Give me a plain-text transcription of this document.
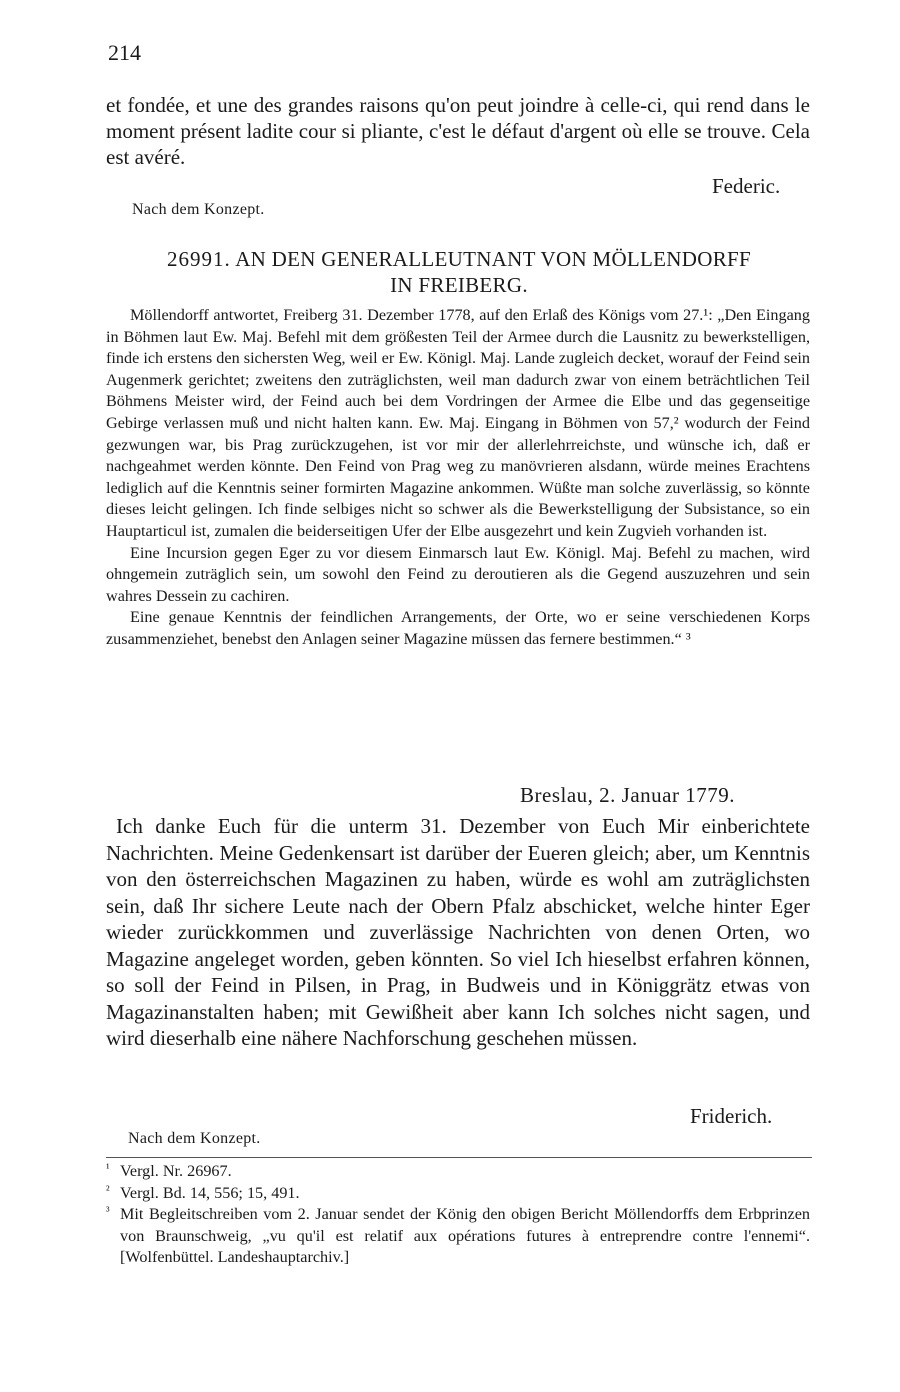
214

et fondée, et une des grandes raisons qu'on peut joindre à celle-ci, qui rend dans le moment présent ladite cour si pliante, c'est le défaut d'argent où elle se trouve. Cela est avéré.

Federic.
Nach dem Konzept.
26991. AN DEN GENERALLEUTNANT VON MÖLLENDORFF
IN FREIBERG.

Möllendorff antwortet, Freiberg 31. Dezember 1778, auf den Erlaß des Königs vom 27.¹: „Den Eingang in Böhmen laut Ew. Maj. Befehl mit dem größesten Teil der Armee durch die Lausnitz zu bewerkstelligen, finde ich erstens den sichersten Weg, weil er Ew. Königl. Maj. Lande zugleich decket, worauf der Feind sein Augenmerk gerichtet; zweitens den zuträglichsten, weil man dadurch zwar von einem beträchtlichen Teil Böhmens Meister wird, der Feind auch bei dem Vordringen der Armee die Elbe und das gegenseitige Gebirge verlassen muß und nicht halten kann. Ew. Maj. Eingang in Böhmen von 57,² wodurch der Feind gezwungen war, bis Prag zurückzugehen, ist vor mir der allerlehrreichste, und wünsche ich, daß er nachgeahmet werden könnte. Den Feind von Prag weg zu manövrieren alsdann, würde meines Erachtens lediglich auf die Kenntnis seiner formirten Magazine ankommen. Wüßte man solche zuverlässig, so könnte dieses leicht gelingen. Ich finde selbiges nicht so schwer als die Bewerkstelligung der Subsistance, so ein Hauptarticul ist, zumalen die beiderseitigen Ufer der Elbe ausgezehrt und kein Zugvieh vorhanden ist.

Eine Incursion gegen Eger zu vor diesem Einmarsch laut Ew. Königl. Maj. Befehl zu machen, wird ohngemein zuträglich sein, um sowohl den Feind zu deroutieren als die Gegend auszuzehren und sein wahres Dessein zu cachiren.

Eine genaue Kenntnis der feindlichen Arrangements, der Orte, wo er seine verschiedenen Korps zusammenziehet, benebst den Anlagen seiner Magazine müssen das fernere bestimmen.“ ³

Breslau, 2. Januar 1779.

Ich danke Euch für die unterm 31. Dezember von Euch Mir einberichtete Nachrichten. Meine Gedenkensart ist darüber der Eueren gleich; aber, um Kenntnis von den österreichschen Magazinen zu haben, würde es wohl am zuträglichsten sein, daß Ihr sichere Leute nach der Obern Pfalz abschicket, welche hinter Eger wieder zurückkommen und zuverlässige Nachrichten von denen Orten, wo Magazine angeleget worden, geben könnten. So viel Ich hieselbst erfahren können, so soll der Feind in Pilsen, in Prag, in Budweis und in Königgrätz etwas von Magazinanstalten haben; mit Gewißheit aber kann Ich solches nicht sagen, und wird dieserhalb eine nähere Nachforschung geschehen müssen.

Friderich.
Nach dem Konzept.
¹ Vergl. Nr. 26967.
² Vergl. Bd. 14, 556; 15, 491.
³ Mit Begleitschreiben vom 2. Januar sendet der König den obigen Bericht Möllendorffs dem Erbprinzen von Braunschweig, „vu qu'il est relatif aux opérations futures à entreprendre contre l'ennemi“. [Wolfenbüttel. Landeshauptarchiv.]
